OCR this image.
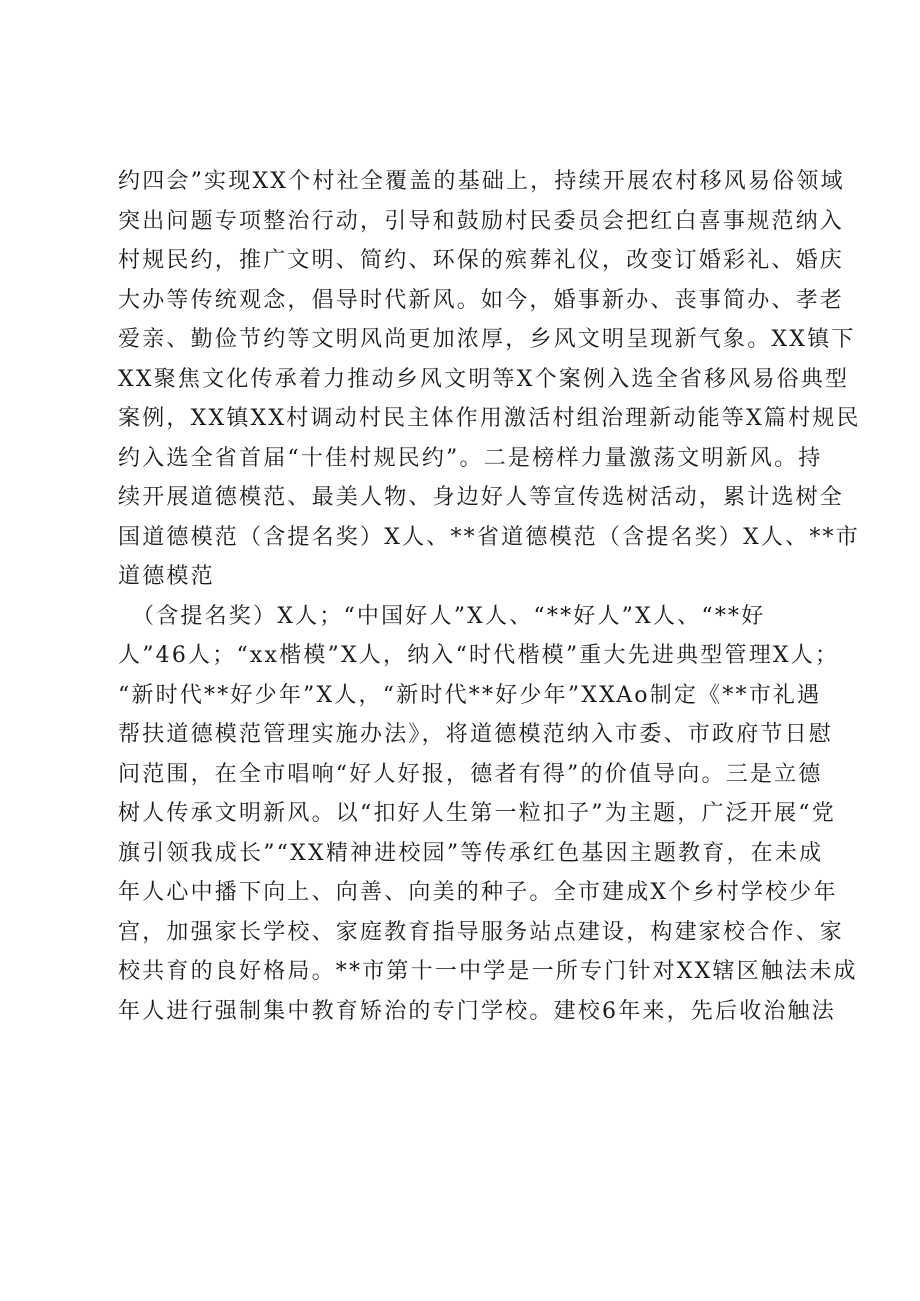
约四会”实现XX个村社全覆盖的基础上，持续开展农村移风易俗领域
突出问题专项整治行动，引导和鼓励村民委员会把红白喜事规范纳入
村规民约，推广文明、简约、环保的殡葬礼仪，改变订婚彩礼、婚庆
大办等传统观念，倡导时代新风。如今，婚事新办、丧事简办、孝老
爱亲、勤俭节约等文明风尚更加浓厚，乡风文明呈现新气象。XX镇下
XX聚焦文化传承着力推动乡风文明等X个案例入选全省移风易俗典型
案例，XX镇XX村调动村民主体作用激活村组治理新动能等X篇村规民
约入选全省首届“十佳村规民约”。二是榜样力量激荡文明新风。持
续开展道德模范、最美人物、身边好人等宣传选树活动，累计选树全
国道德模范（含提名奖）X人、**省道德模范（含提名奖）X人、**市
道德模范
（含提名奖）X人；“中国好人”X人、“**好人”X人、“**好
人”46人；“xx楷模”X人，纳入“时代楷模”重大先进典型管理X人；
“新时代**好少年”X人，“新时代**好少年”XXAo制定《**市礼遇
帮扶道德模范管理实施办法》，将道德模范纳入市委、市政府节日慰
问范围，在全市唱响“好人好报，德者有得”的价值导向。三是立德
树人传承文明新风。以“扣好人生第一粒扣子”为主题，广泛开展“党
旗引领我成长”“XX精神进校园”等传承红色基因主题教育，在未成
年人心中播下向上、向善、向美的种子。全市建成X个乡村学校少年
宫，加强家长学校、家庭教育指导服务站点建设，构建家校合作、家
校共育的良好格局。**市第十一中学是一所专门针对XX辖区触法未成
年人进行强制集中教育矫治的专门学校。建校6年来，先后收治触法
